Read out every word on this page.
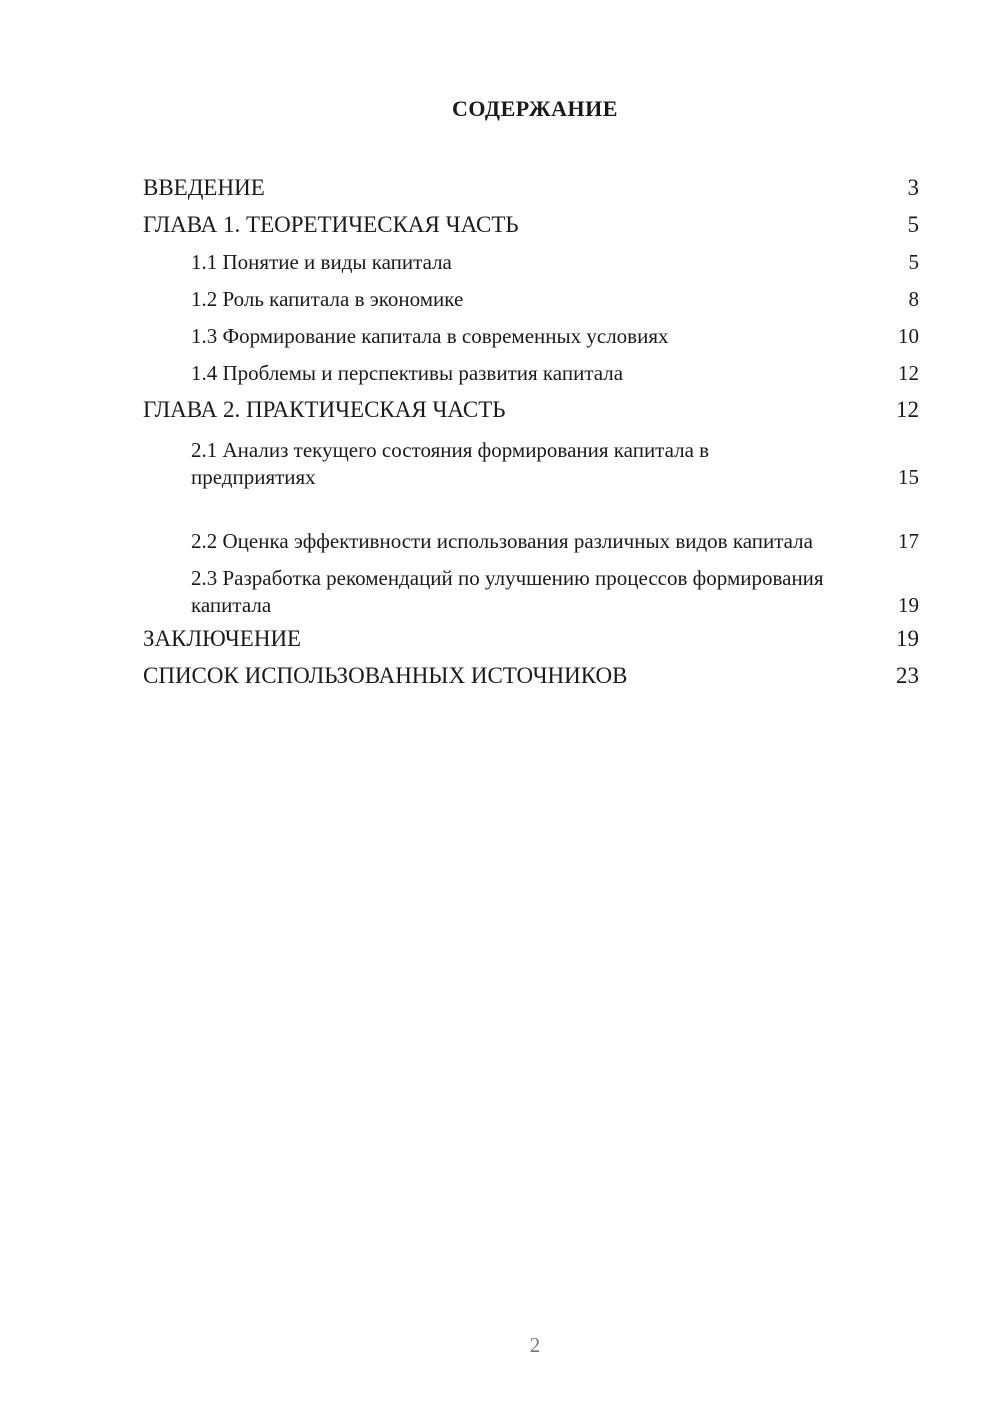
СОДЕРЖАНИЕ
ВВЕДЕНИЕ	3
ГЛАВА 1. ТЕОРЕТИЧЕСКАЯ ЧАСТЬ	5
1.1 Понятие и виды капитала	5
1.2 Роль капитала в экономике	8
1.3 Формирование капитала в современных условиях	10
1.4 Проблемы и перспективы развития капитала	12
ГЛАВА 2. ПРАКТИЧЕСКАЯ ЧАСТЬ	12
2.1 Анализ текущего состояния формирования капитала в предприятиях	15
2.2 Оценка эффективности использования различных видов капитала	17
2.3 Разработка рекомендаций по улучшению процессов формирования капитала	19
ЗАКЛЮЧЕНИЕ	19
СПИСОК ИСПОЛЬЗОВАННЫХ ИСТОЧНИКОВ	23
2
